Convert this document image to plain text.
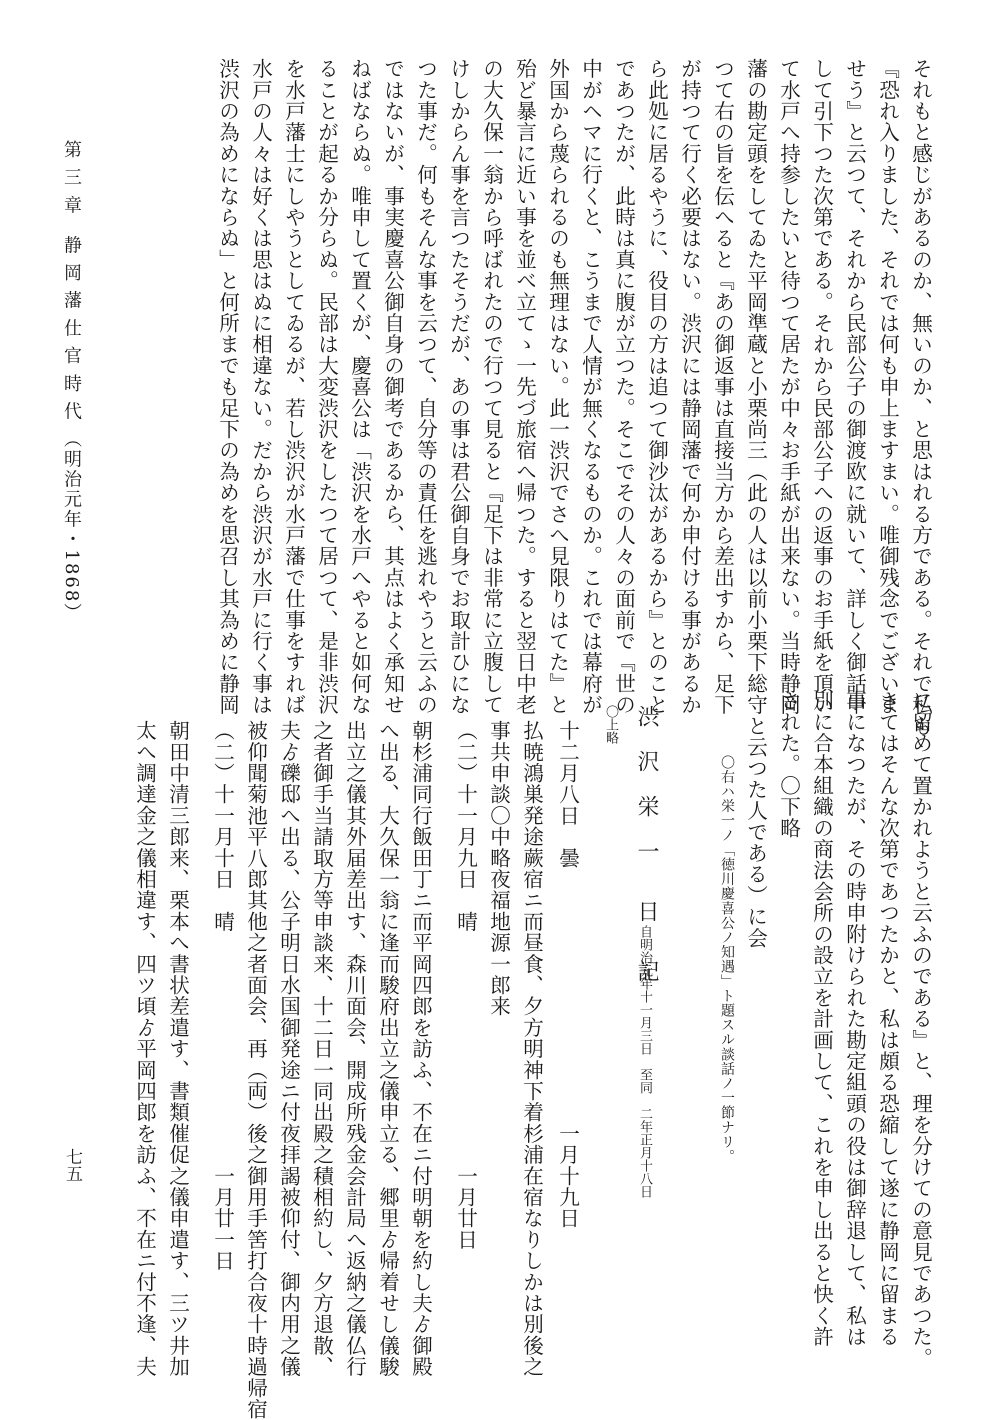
第 三 章　静 岡 藩 仕 官 時 代 （明治元年・1868）
七五
それもと感じがあるのか、無いのか、と思はれる方である。それで私も
『恐れ入りました、それでは何も申上ますまい。唯御残念でございま
せう』と云つて、それから民部公子の御渡欧に就いて、詳しく御話申
して引下つた次第である。それから民部公子への返事のお手紙を頂い
て水戸へ持参したいと待つて居たが中々お手紙が出来ない。当時静岡
藩の勘定頭をしてゐた平岡準蔵と小栗尚三（此の人は以前小栗下総守と云つた人である）に会
つて右の旨を伝へると『あの御返事は直接当方から差出すから、足下
が持つて行く必要はない。渋沢には静岡藩で何か申付ける事があるか
ら此処に居るやうに、役目の方は追つて御沙汰があるから』とのこと
であつたが、此時は真に腹が立つた。そこでその人々の面前で『世の
中がヘマに行くと、こうまで人情が無くなるものか。これでは幕府が
外国から蔑られるのも無理はない。此一渋沢でさへ見限りはてた』と
殆ど暴言に近い事を並べ立てゝ一先づ旅宿へ帰つた。すると翌日中老
の大久保一翁から呼ばれたので行つて見ると『足下は非常に立腹して
けしからん事を言つたそうだが、あの事は君公御自身でお取計ひにな
つた事だ。何もそんな事を云つて、自分等の責任を逃れやうと云ふの
ではないが、事実慶喜公御自身の御考であるから、其点はよく承知せ
ねばならぬ。唯申して置くが、慶喜公は「渋沢を水戸へやると如何な
ることが起るか分らぬ。民部は大変渋沢をしたつて居つて、是非渋沢
を水戸藩士にしやうとしてゐるが、若し渋沢が水戸藩で仕事をすれば
水戸の人々は好くは思はぬに相違ない。だから渋沢が水戸に行く事は
渋沢の為めにならぬ」と何所までも足下の為めを思召し其為めに静岡
に留めて置かれようと云ふのである』と、理を分けての意見であつた。
さてはそんな次第であつたかと、私は頗る恐縮して遂に静岡に留まる
事になつたが、その時申附けられた勘定組頭の役は御辞退して、私は
別に合本組織の商法会所の設立を計画して、これを申し出ると快く許
された。〇下略
〇右ハ栄一ノ「徳川慶喜公ノ知遇」ト題スル談話ノ一節ナリ。
渋 沢 栄 一　日　記
自明治元年十一月三日　至同　二年正月十八日
〇上略
十二月八日　曇　　　　　　　　　　　　一月十九日
払暁鴻巣発途蕨宿ニ而昼食、夕方明神下着杉浦在宿なりしかは別後之
事共申談〇中略夜福地源一郎来
（二）十一月九日　晴　　　　　　　　　　　一月廿日
朝杉浦同行飯田丁ニ而平岡四郎を訪ふ、不在ニ付明朝を約し夫ゟ御殿
へ出る、大久保一翁に逢而駿府出立之儀申立る、郷里ゟ帰着せし儀駿
出立之儀其外届差出す、森川面会、開成所残金会計局へ返納之儀仏行
之者御手当請取方等申談来、十二日一同出殿之積相約し、夕方退散、
夫ゟ礫邸へ出る、公子明日水国御発途ニ付夜拝謁被仰付、御内用之儀
被仰聞菊池平八郎其他之者面会、再（両）後之御用手筈打合夜十時過帰宿
（二）十一月十日　晴　　　　　　　　　　　一月廿一日
朝田中清三郎来、栗本へ書状差遣す、書類催促之儀申遣す、三ツ井加
太へ調達金之儀相違す、四ツ頃ゟ平岡四郎を訪ふ、不在ニ付不逢、夫
